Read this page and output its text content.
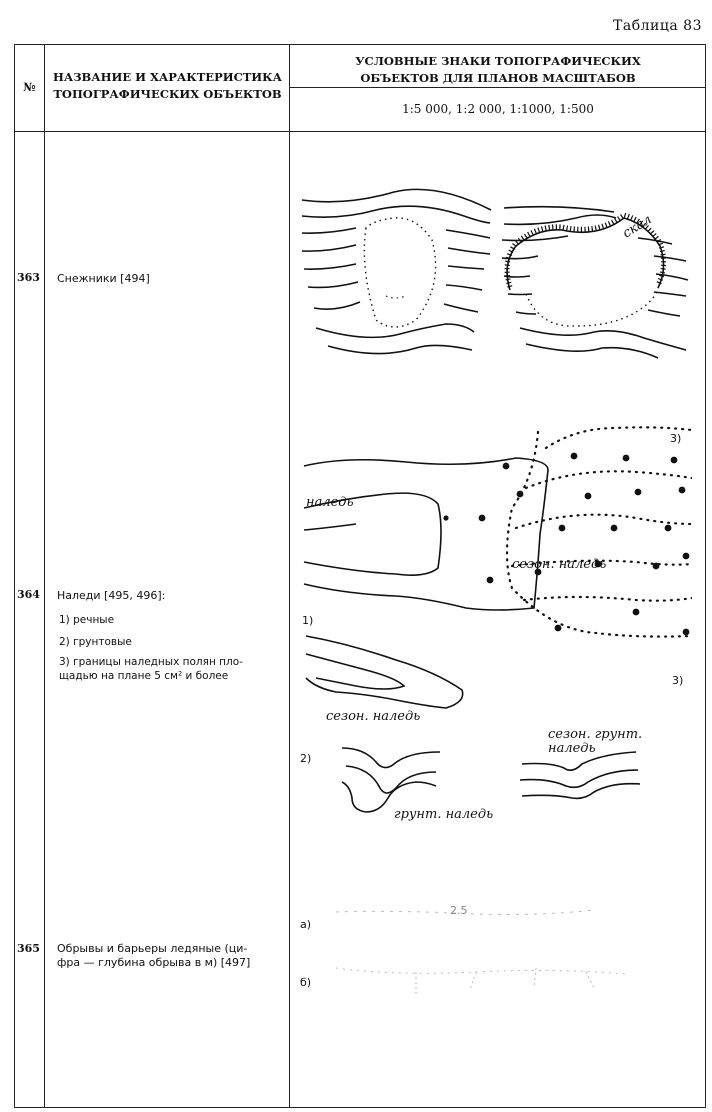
Таблица 83
№
НАЗВАНИЕ И ХАРАКТЕРИСТИКА
ТОПОГРАФИЧЕСКИХ ОБЪЕКТОВ
УСЛОВНЫЕ ЗНАКИ ТОПОГРАФИЧЕСКИХ
ОБЪЕКТОВ ДЛЯ ПЛАНОВ МАСШТАБОВ
1:5 000, 1:2 000, 1:1000, 1:500
363 Снежники [494]
364 Наледи [495, 496]:
1) речные
2) грунтовые
3) границы наледных полян пло-
щадью на плане 5 см² и более
365 Обрывы и барьеры ледяные (ци-
фра — глубина обрыва в м) [497]
скал
наледь
сезон. наледь
сезон. наледь
1)
3)
3)
грунт. наледь
2)
сезон. грунт.
наледь
а)
б)
2.5
